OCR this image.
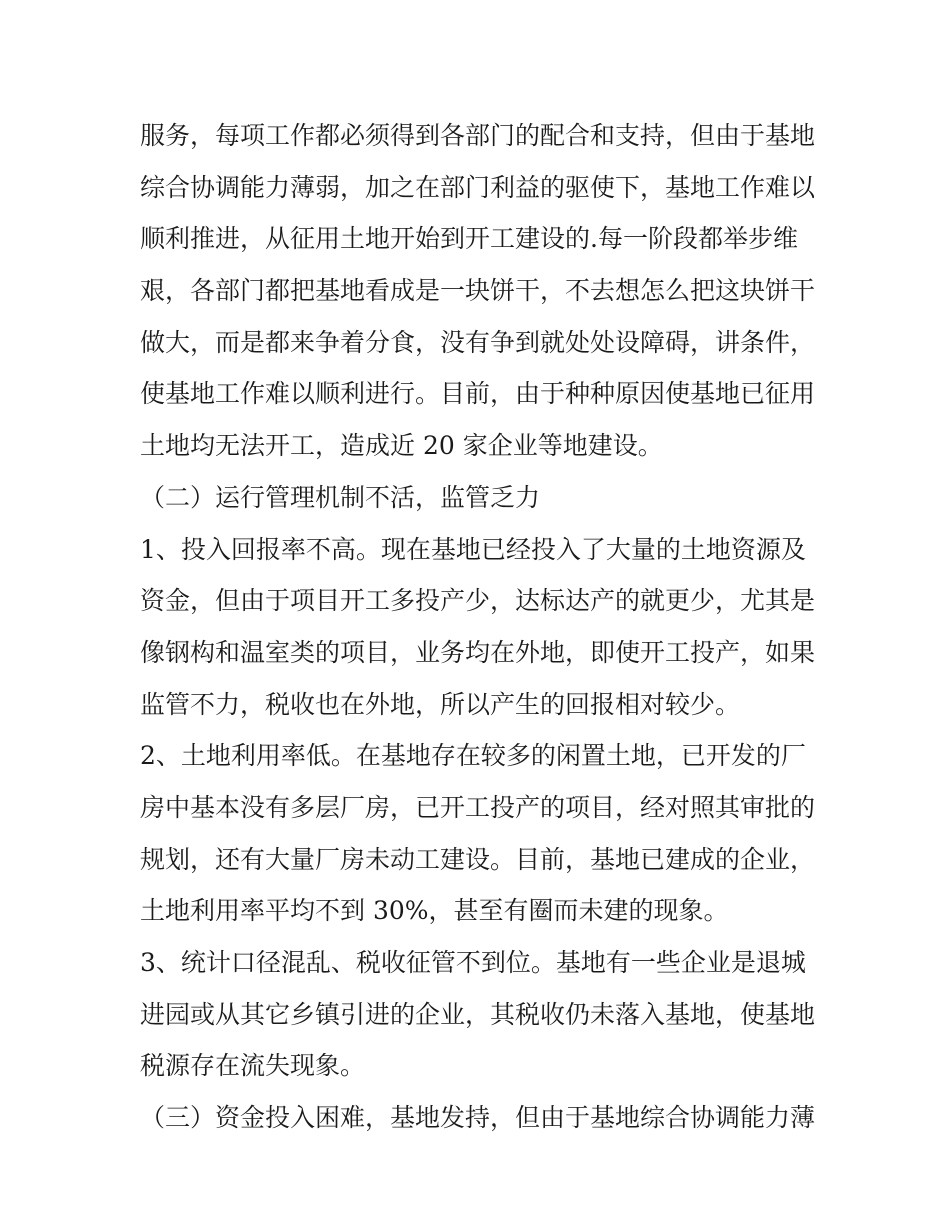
服务，每项工作都必须得到各部门的配合和支持，但由于基地
综合协调能力薄弱，加之在部门利益的驱使下，基地工作难以
顺利推进，从征用土地开始到开工建设的.每一阶段都举步维
艰，各部门都把基地看成是一块饼干，不去想怎么把这块饼干
做大，而是都来争着分食，没有争到就处处设障碍，讲条件，
使基地工作难以顺利进行。目前，由于种种原因使基地已征用
土地均无法开工，造成近 20 家企业等地建设。
（二）运行管理机制不活，监管乏力
1、投入回报率不高。现在基地已经投入了大量的土地资源及
资金，但由于项目开工多投产少，达标达产的就更少，尤其是
像钢构和温室类的项目，业务均在外地，即使开工投产，如果
监管不力，税收也在外地，所以产生的回报相对较少。
2、土地利用率低。在基地存在较多的闲置土地，已开发的厂
房中基本没有多层厂房，已开工投产的项目，经对照其审批的
规划，还有大量厂房未动工建设。目前，基地已建成的企业，
土地利用率平均不到 30%，甚至有圈而未建的现象。
3、统计口径混乱、税收征管不到位。基地有一些企业是退城
进园或从其它乡镇引进的企业，其税收仍未落入基地，使基地
税源存在流失现象。
（三）资金投入困难，基地发持，但由于基地综合协调能力薄
